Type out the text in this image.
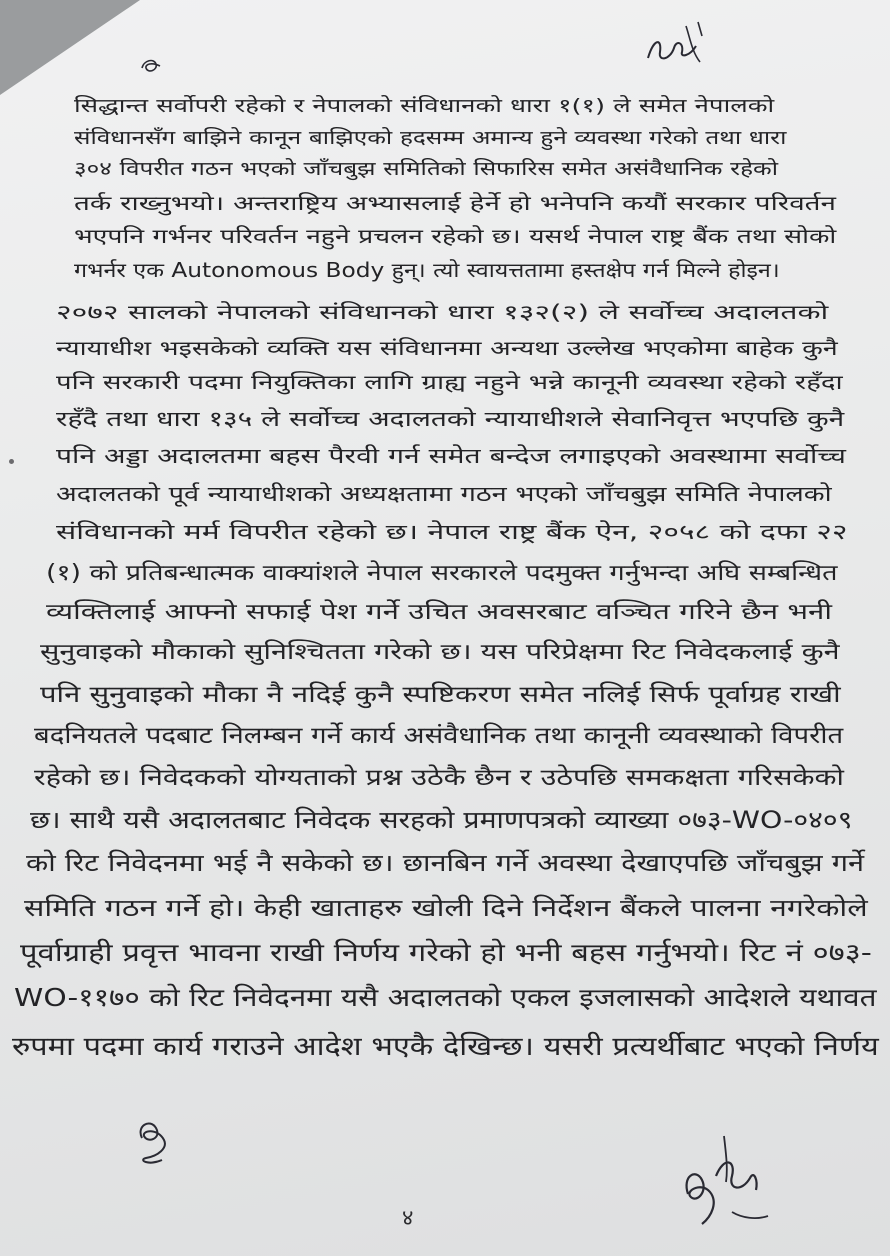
सिद्धान्त सर्वोपरी रहेको र नेपालको संविधानको धारा १(१) ले समेत नेपालको
संविधानसँग बाझिने कानून बाझिएको हदसम्म अमान्य हुने व्यवस्था गरेको तथा धारा
३०४ विपरीत गठन भएको जाँचबुझ समितिको सिफारिस समेत असंवैधानिक रहेको
तर्क राख्नुभयो। अन्तराष्ट्रिय अभ्यासलाई हेर्ने हो भनेपनि कयौं सरकार परिवर्तन
भएपनि गर्भनर परिवर्तन नहुने प्रचलन रहेको छ। यसर्थ नेपाल राष्ट्र बैंक तथा सोको
गभर्नर एक Autonomous Body हुन्। त्यो स्वायत्ततामा हस्तक्षेप गर्न मिल्ने होइन।
२०७२ सालको नेपालको संविधानको धारा १३२(२) ले सर्वोच्च अदालतको
न्यायाधीश भइसकेको व्यक्ति यस संविधानमा अन्यथा उल्लेख भएकोमा बाहेक कुनै
पनि सरकारी पदमा नियुक्तिका लागि ग्राह्य नहुने भन्ने कानूनी व्यवस्था रहेको रहँदा
रहँदै तथा धारा १३५ ले सर्वोच्च अदालतको न्यायाधीशले सेवानिवृत्त भएपछि कुनै
पनि अड्डा अदालतमा बहस पैरवी गर्न समेत बन्देज लगाइएको अवस्थामा सर्वोच्च
अदालतको पूर्व न्यायाधीशको अध्यक्षतामा गठन भएको जाँचबुझ समिति नेपालको
संविधानको मर्म विपरीत रहेको छ। नेपाल राष्ट्र बैंक ऐन, २०५८ को दफा २२
(१) को प्रतिबन्धात्मक वाक्यांशले नेपाल सरकारले पदमुक्त गर्नुभन्दा अघि सम्बन्धित
व्यक्तिलाई आफ्नो सफाई पेश गर्ने उचित अवसरबाट वञ्चित गरिने छैन भनी
सुनुवाइको मौकाको सुनिश्चितता गरेको छ। यस परिप्रेक्षमा रिट निवेदकलाई कुनै
पनि सुनुवाइको मौका नै नदिई कुनै स्पष्टिकरण समेत नलिई सिर्फ पूर्वाग्रह राखी
बदनियतले पदबाट निलम्बन गर्ने कार्य असंवैधानिक तथा कानूनी व्यवस्थाको विपरीत
रहेको छ। निवेदकको योग्यताको प्रश्न उठेकै छैन र उठेपछि समकक्षता गरिसकेको
छ। साथै यसै अदालतबाट निवेदक सरहको प्रमाणपत्रको व्याख्या ०७३-WO-०४०९
को रिट निवेदनमा भई नै सकेको छ। छानबिन गर्ने अवस्था देखाएपछि जाँचबुझ गर्ने
समिति गठन गर्ने हो। केही खाताहरु खोली दिने निर्देशन बैंकले पालना नगरेकोले
पूर्वाग्राही प्रवृत्त भावना राखी निर्णय गरेको हो भनी बहस गर्नुभयो। रिट नं ०७३-
WO-११७० को रिट निवेदनमा यसै अदालतको एकल इजलासको आदेशले यथावत
रुपमा पदमा कार्य गराउने आदेश भएकै देखिन्छ। यसरी प्रत्यर्थीबाट भएको निर्णय
४
